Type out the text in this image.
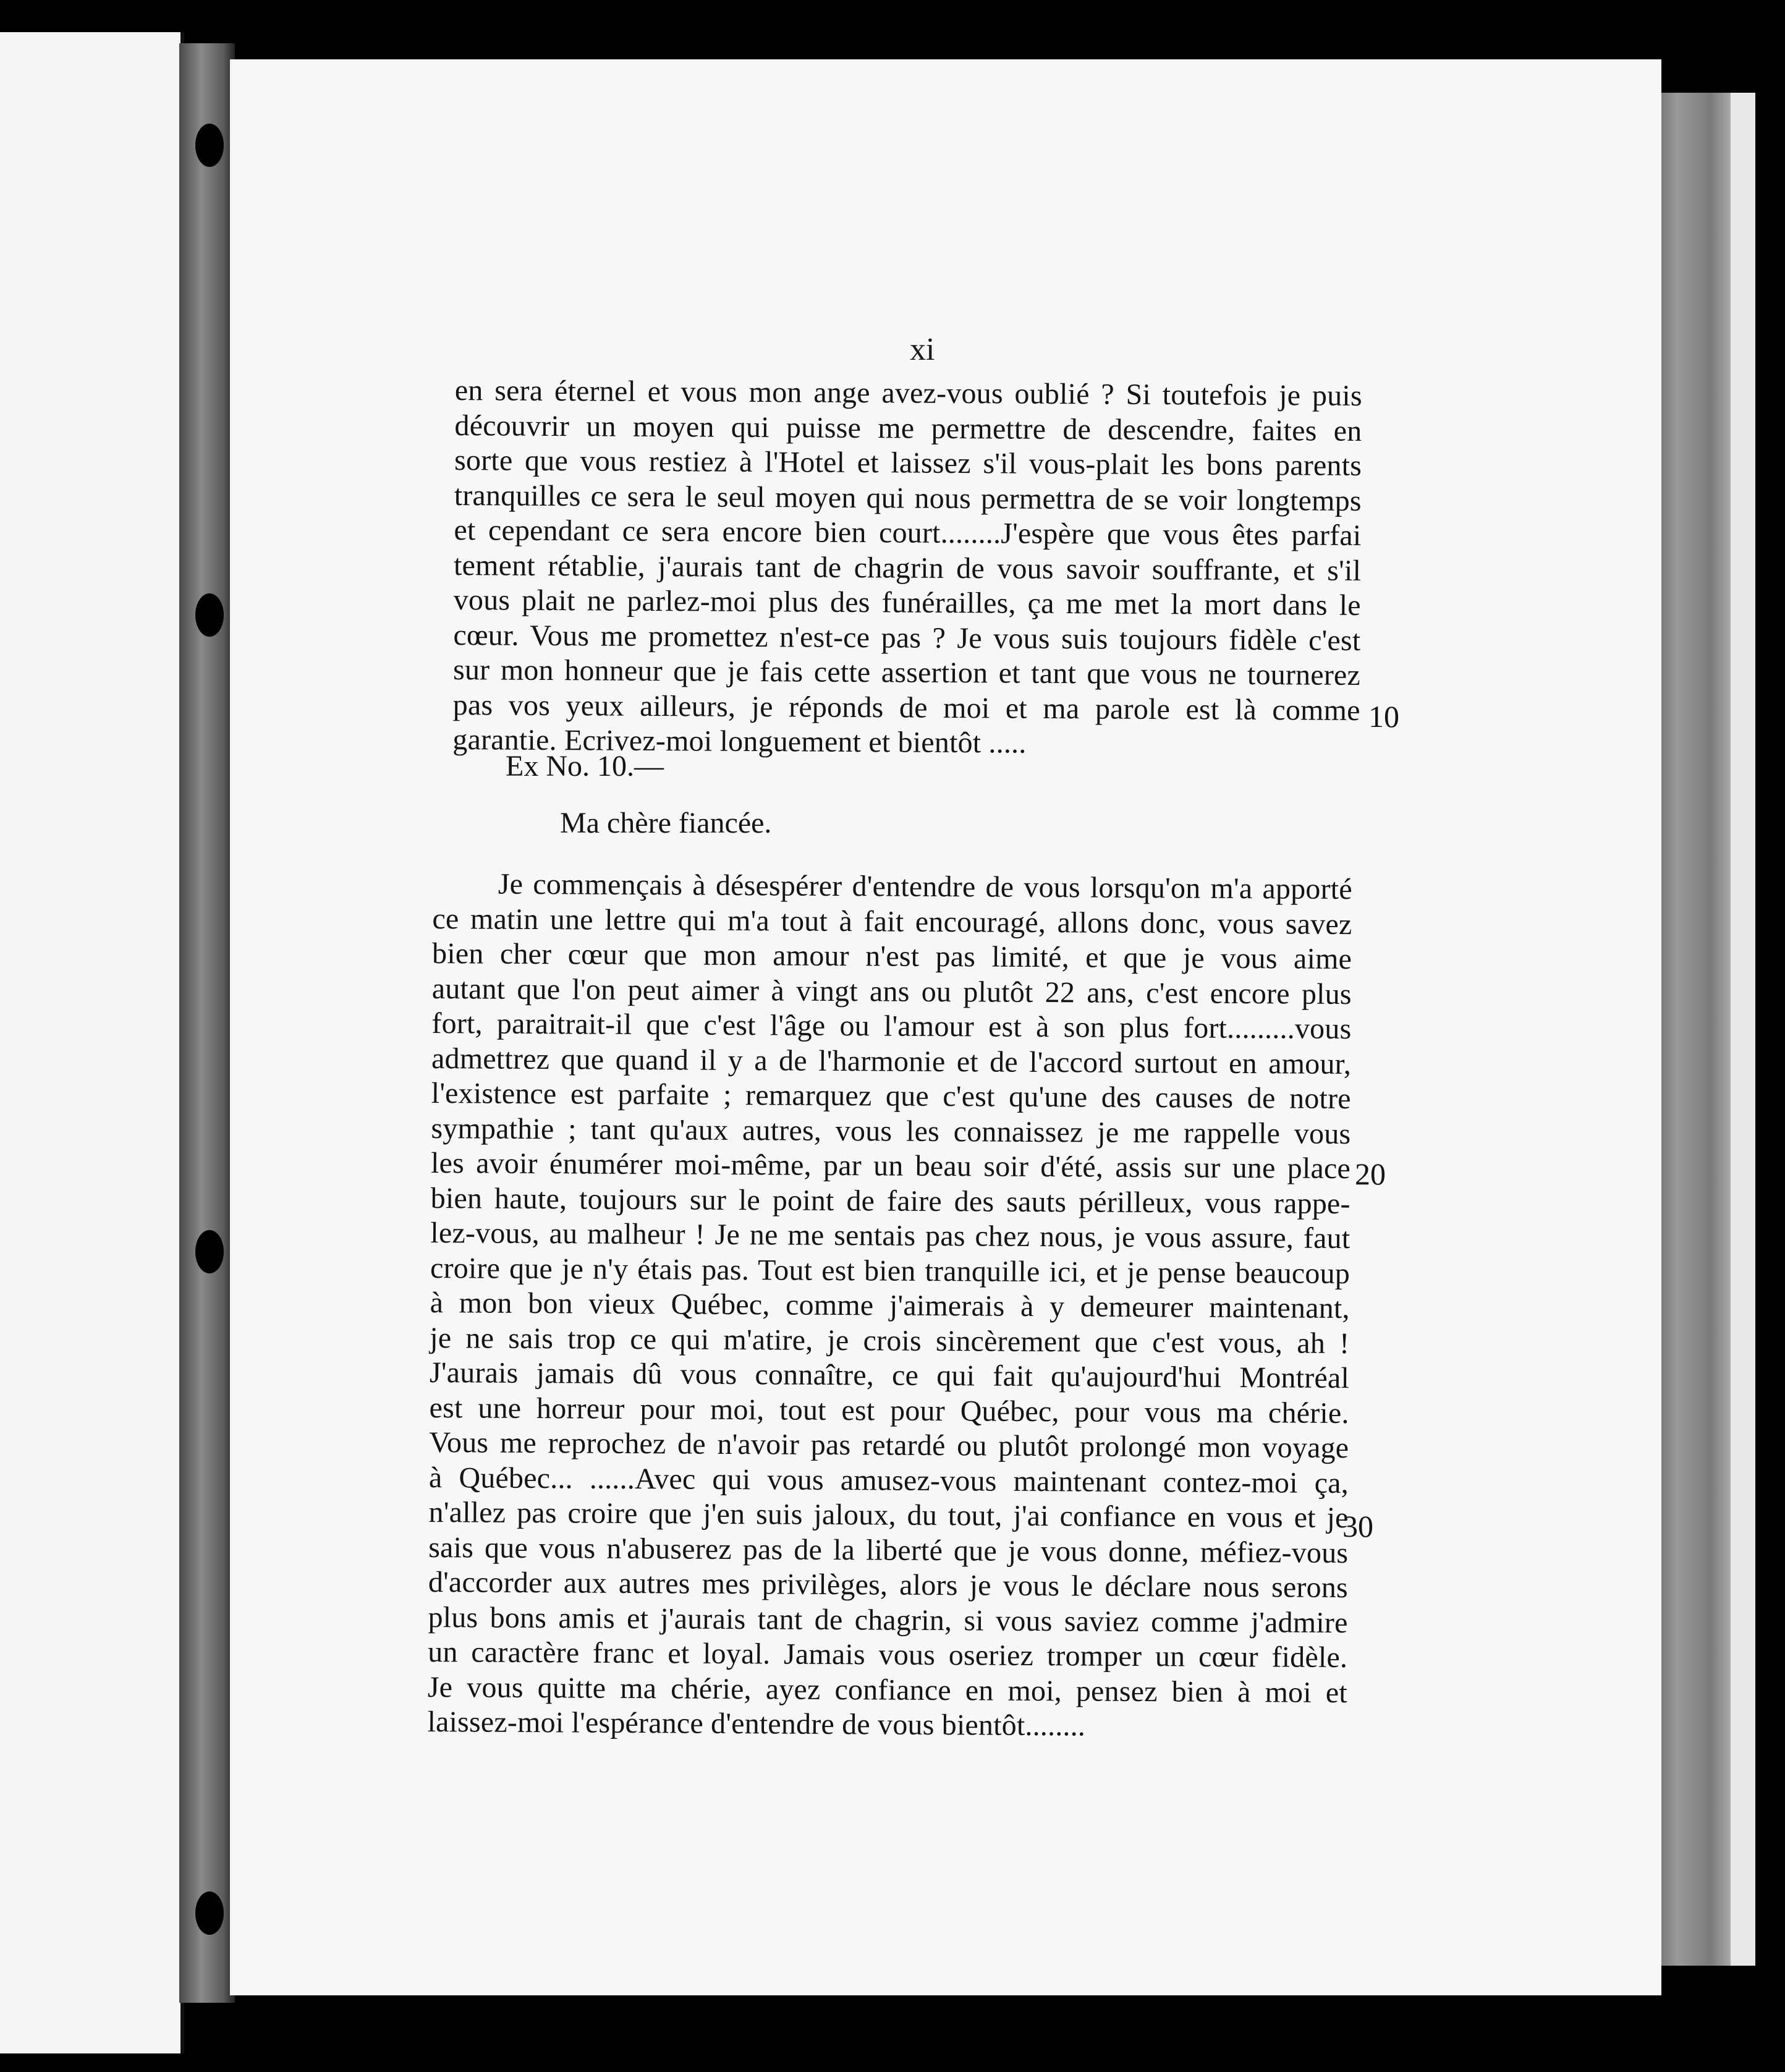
xi
en sera éternel et vous mon ange avez-vous oublié ? Si toutefois je puis
découvrir un moyen qui puisse me permettre de descendre, faites en
sorte que vous restiez à l'Hotel et laissez s'il vous-plait les bons parents
tranquilles ce sera le seul moyen qui nous permettra de se voir longtemps
et cependant ce sera encore bien court........J'espère que vous êtes parfai
tement rétablie, j'aurais tant de chagrin de vous savoir souffrante, et s'il
vous plait ne parlez-moi plus des funérailles, ça me met la mort dans le
cœur. Vous me promettez n'est-ce pas ? Je vous suis toujours fidèle c'est
sur mon honneur que je fais cette assertion et tant que vous ne tournerez
pas vos yeux ailleurs, je réponds de moi et ma parole est là comme
garantie. Ecrivez-moi longuement et bientôt .....
Ex No. 10.—
Ma chère fiancée.
Je commençais à désespérer d'entendre de vous lorsqu'on m'a apporté
ce matin une lettre qui m'a tout à fait encouragé, allons donc, vous savez
bien cher cœur que mon amour n'est pas limité, et que je vous aime
autant que l'on peut aimer à vingt ans ou plutôt 22 ans, c'est encore plus
fort, paraitrait-il que c'est l'âge ou l'amour est à son plus fort.........vous
admettrez que quand il y a de l'harmonie et de l'accord surtout en amour,
l'existence est parfaite ; remarquez que c'est qu'une des causes de notre
sympathie ; tant qu'aux autres, vous les connaissez je me rappelle vous
les avoir énumérer moi-même, par un beau soir d'été, assis sur une place
bien haute, toujours sur le point de faire des sauts périlleux, vous rappe-
lez-vous, au malheur ! Je ne me sentais pas chez nous, je vous assure, faut
croire que je n'y étais pas. Tout est bien tranquille ici, et je pense beaucoup
à mon bon vieux Québec, comme j'aimerais à y demeurer maintenant,
je ne sais trop ce qui m'atire, je crois sincèrement que c'est vous, ah !
J'aurais jamais dû vous connaître, ce qui fait qu'aujourd'hui Montréal
est une horreur pour moi, tout est pour Québec, pour vous ma chérie.
Vous me reprochez de n'avoir pas retardé ou plutôt prolongé mon voyage
à Québec... ......Avec qui vous amusez-vous maintenant contez-moi ça,
n'allez pas croire que j'en suis jaloux, du tout, j'ai confiance en vous et je
sais que vous n'abuserez pas de la liberté que je vous donne, méfiez-vous
d'accorder aux autres mes privilèges, alors je vous le déclare nous serons
plus bons amis et j'aurais tant de chagrin, si vous saviez comme j'admire
un caractère franc et loyal. Jamais vous oseriez tromper un cœur fidèle.
Je vous quitte ma chérie, ayez confiance en moi, pensez bien à moi et
laissez-moi l'espérance d'entendre de vous bientôt........
10
20
30
